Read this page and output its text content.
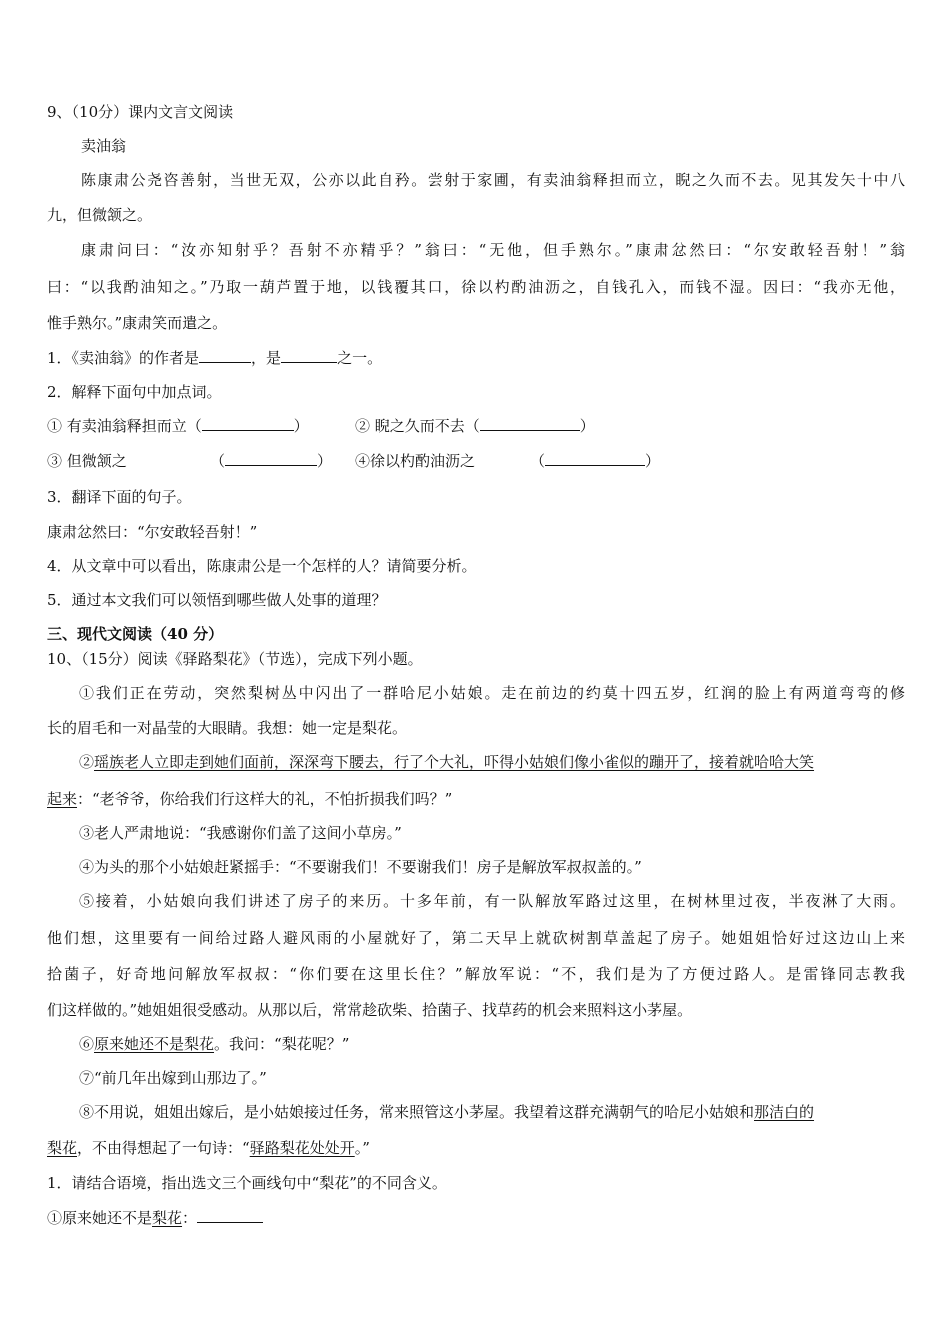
9、（10分）课内文言文阅读
卖油翁
陈康肃公尧咨善射，当世无双，公亦以此自矜。尝射于家圃，有卖油翁释担而立，睨之久而不去。见其发矢十中八
九，但微颔之。
康肃问曰：“汝亦知射乎？吾射不亦精乎？”翁曰：“无他，但手熟尔。”康肃忿然曰：“尔安敢轻吾射！”翁
曰：“以我酌油知之。”乃取一葫芦置于地，以钱覆其口，徐以杓酌油沥之，自钱孔入，而钱不湿。因曰：“我亦无他，
惟手熟尔。”康肃笑而遣之。
1．《卖油翁》的作者是	，是	之一。
2．解释下面句中加点词。
① 有卖油翁释担而立（	）	② 睨之久而不去（	）
③ 但微颔之	（	） ④徐以杓酌油沥之	（	）
3．翻译下面的句子。
康肃忿然曰：“尔安敢轻吾射！”
4．从文章中可以看出，陈康肃公是一个怎样的人？请简要分析。
5．通过本文我们可以领悟到哪些做人处事的道理？
三、现代文阅读（40 分）
10、（15分）阅读《驿路梨花》（节选），完成下列小题。
①我们正在劳动，突然梨树丛中闪出了一群哈尼小姑娘。走在前边的约莫十四五岁，红润的脸上有两道弯弯的修
长的眉毛和一对晶莹的大眼睛。我想：她一定是梨花。
②瑶族老人立即走到她们面前，深深弯下腰去，行了个大礼，吓得小姑娘们像小雀似的蹦开了，接着就哈哈大笑
起来：“老爷爷，你给我们行这样大的礼，不怕折损我们吗？”
③老人严肃地说：“我感谢你们盖了这间小草房。”
④为头的那个小姑娘赶紧摇手：“不要谢我们！不要谢我们！房子是解放军叔叔盖的。”
⑤接着，小姑娘向我们讲述了房子的来历。十多年前，有一队解放军路过这里，在树林里过夜，半夜淋了大雨。
他们想，这里要有一间给过路人避风雨的小屋就好了，第二天早上就砍树割草盖起了房子。她姐姐恰好过这边山上来
拾菌子，好奇地问解放军叔叔：“你们要在这里长住？”解放军说：“不，我们是为了方便过路人。是雷锋同志教我
们这样做的。”她姐姐很受感动。从那以后，常常趁砍柴、拾菌子、找草药的机会来照料这小茅屋。
⑥原来她还不是梨花。我问：“梨花呢？”
⑦“前几年出嫁到山那边了。”
⑧不用说，姐姐出嫁后，是小姑娘接过任务，常来照管这小茅屋。我望着这群充满朝气的哈尼小姑娘和那洁白的
梨花，不由得想起了一句诗：“驿路梨花处处开。”
1．请结合语境，指出选文三个画线句中“梨花”的不同含义。
①原来她还不是梨花：
